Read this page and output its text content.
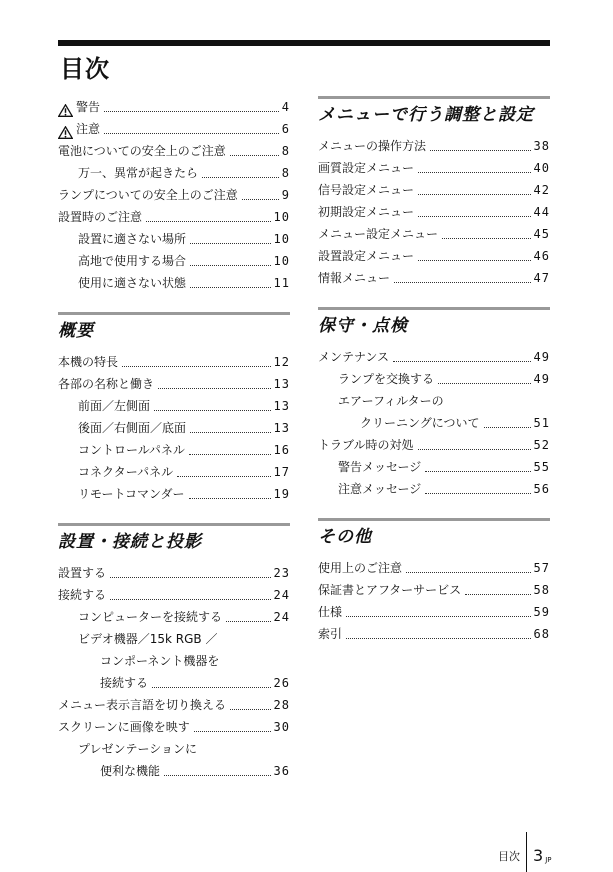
目次
警告	4
注意	6
電池についての安全上のご注意	8
万一、異常が起きたら	8
ランプについての安全上のご注意	9
設置時のご注意	10
設置に適さない場所	10
高地で使用する場合	10
使用に適さない状態	11
概要
本機の特長	12
各部の名称と働き	13
前面／左側面	13
後面／右側面／底面	13
コントロールパネル	16
コネクターパネル	17
リモートコマンダー	19
設置・接続と投影
設置する	23
接続する	24
コンピューターを接続する	24
ビデオ機器／15k RGB ／
コンポーネント機器を
接続する	26
メニュー表示言語を切り換える	28
スクリーンに画像を映す	30
プレゼンテーションに
便利な機能	36
メニューで行う調整と設定
メニューの操作方法	38
画質設定メニュー	40
信号設定メニュー	42
初期設定メニュー	44
メニュー設定メニュー	45
設置設定メニュー	46
情報メニュー	47
保守・点検
メンテナンス	49
ランプを交換する	49
エアーフィルターの
クリーニングについて	51
トラブル時の対処	52
警告メッセージ	55
注意メッセージ	56
その他
使用上のご注意	57
保証書とアフターサービス	58
仕様	59
索引	68
目次 3 JP
